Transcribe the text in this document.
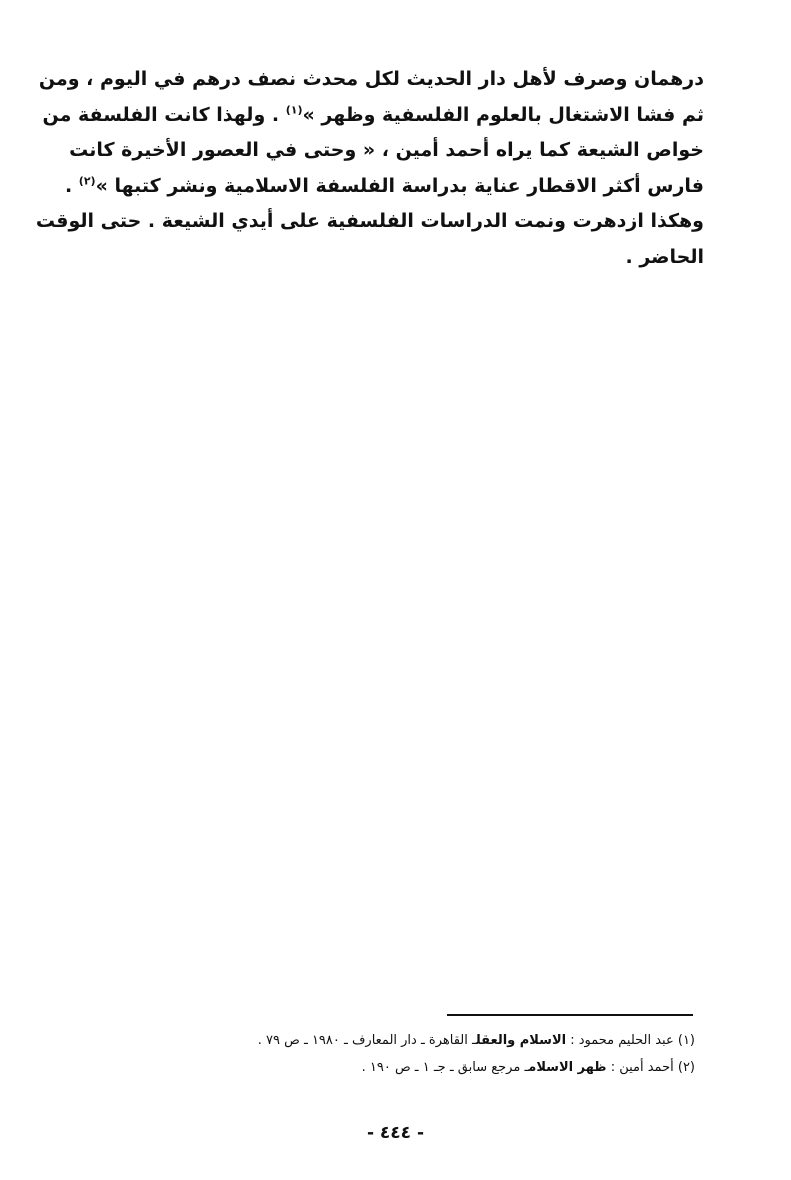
درهمان وصرف لأهل دار الحديث لكل محدث نصف درهم في اليوم ، ومن
ثم فشا الاشتغال بالعلوم الفلسفية وظهر »$^{(١)}$ . ولهذا كانت الفلسفة من
خواص الشيعة كما يراه أحمد أمين ، « وحتى في العصور الأخيرة كانت
فارس أكثر الاقطار عناية بدراسة الفلسفة الاسلامية ونشر كتبها »$^{(٢)}$ .
وهكذا ازدهرت ونمت الدراسات الفلسفية على أيدي الشيعة . حتى الوقت
الحاضر .
(١) عبد الحليم محمود : الاسلام والعقلـ القاهرة ـ دار المعارف ـ ١٩٨٠ ـ ص ٧٩ .
(٢) أحمد أمين : ظهر الاسلامـ مرجع سابق ـ جـ ١ ـ ص ١٩٠ .
- ٤٤٤ -
